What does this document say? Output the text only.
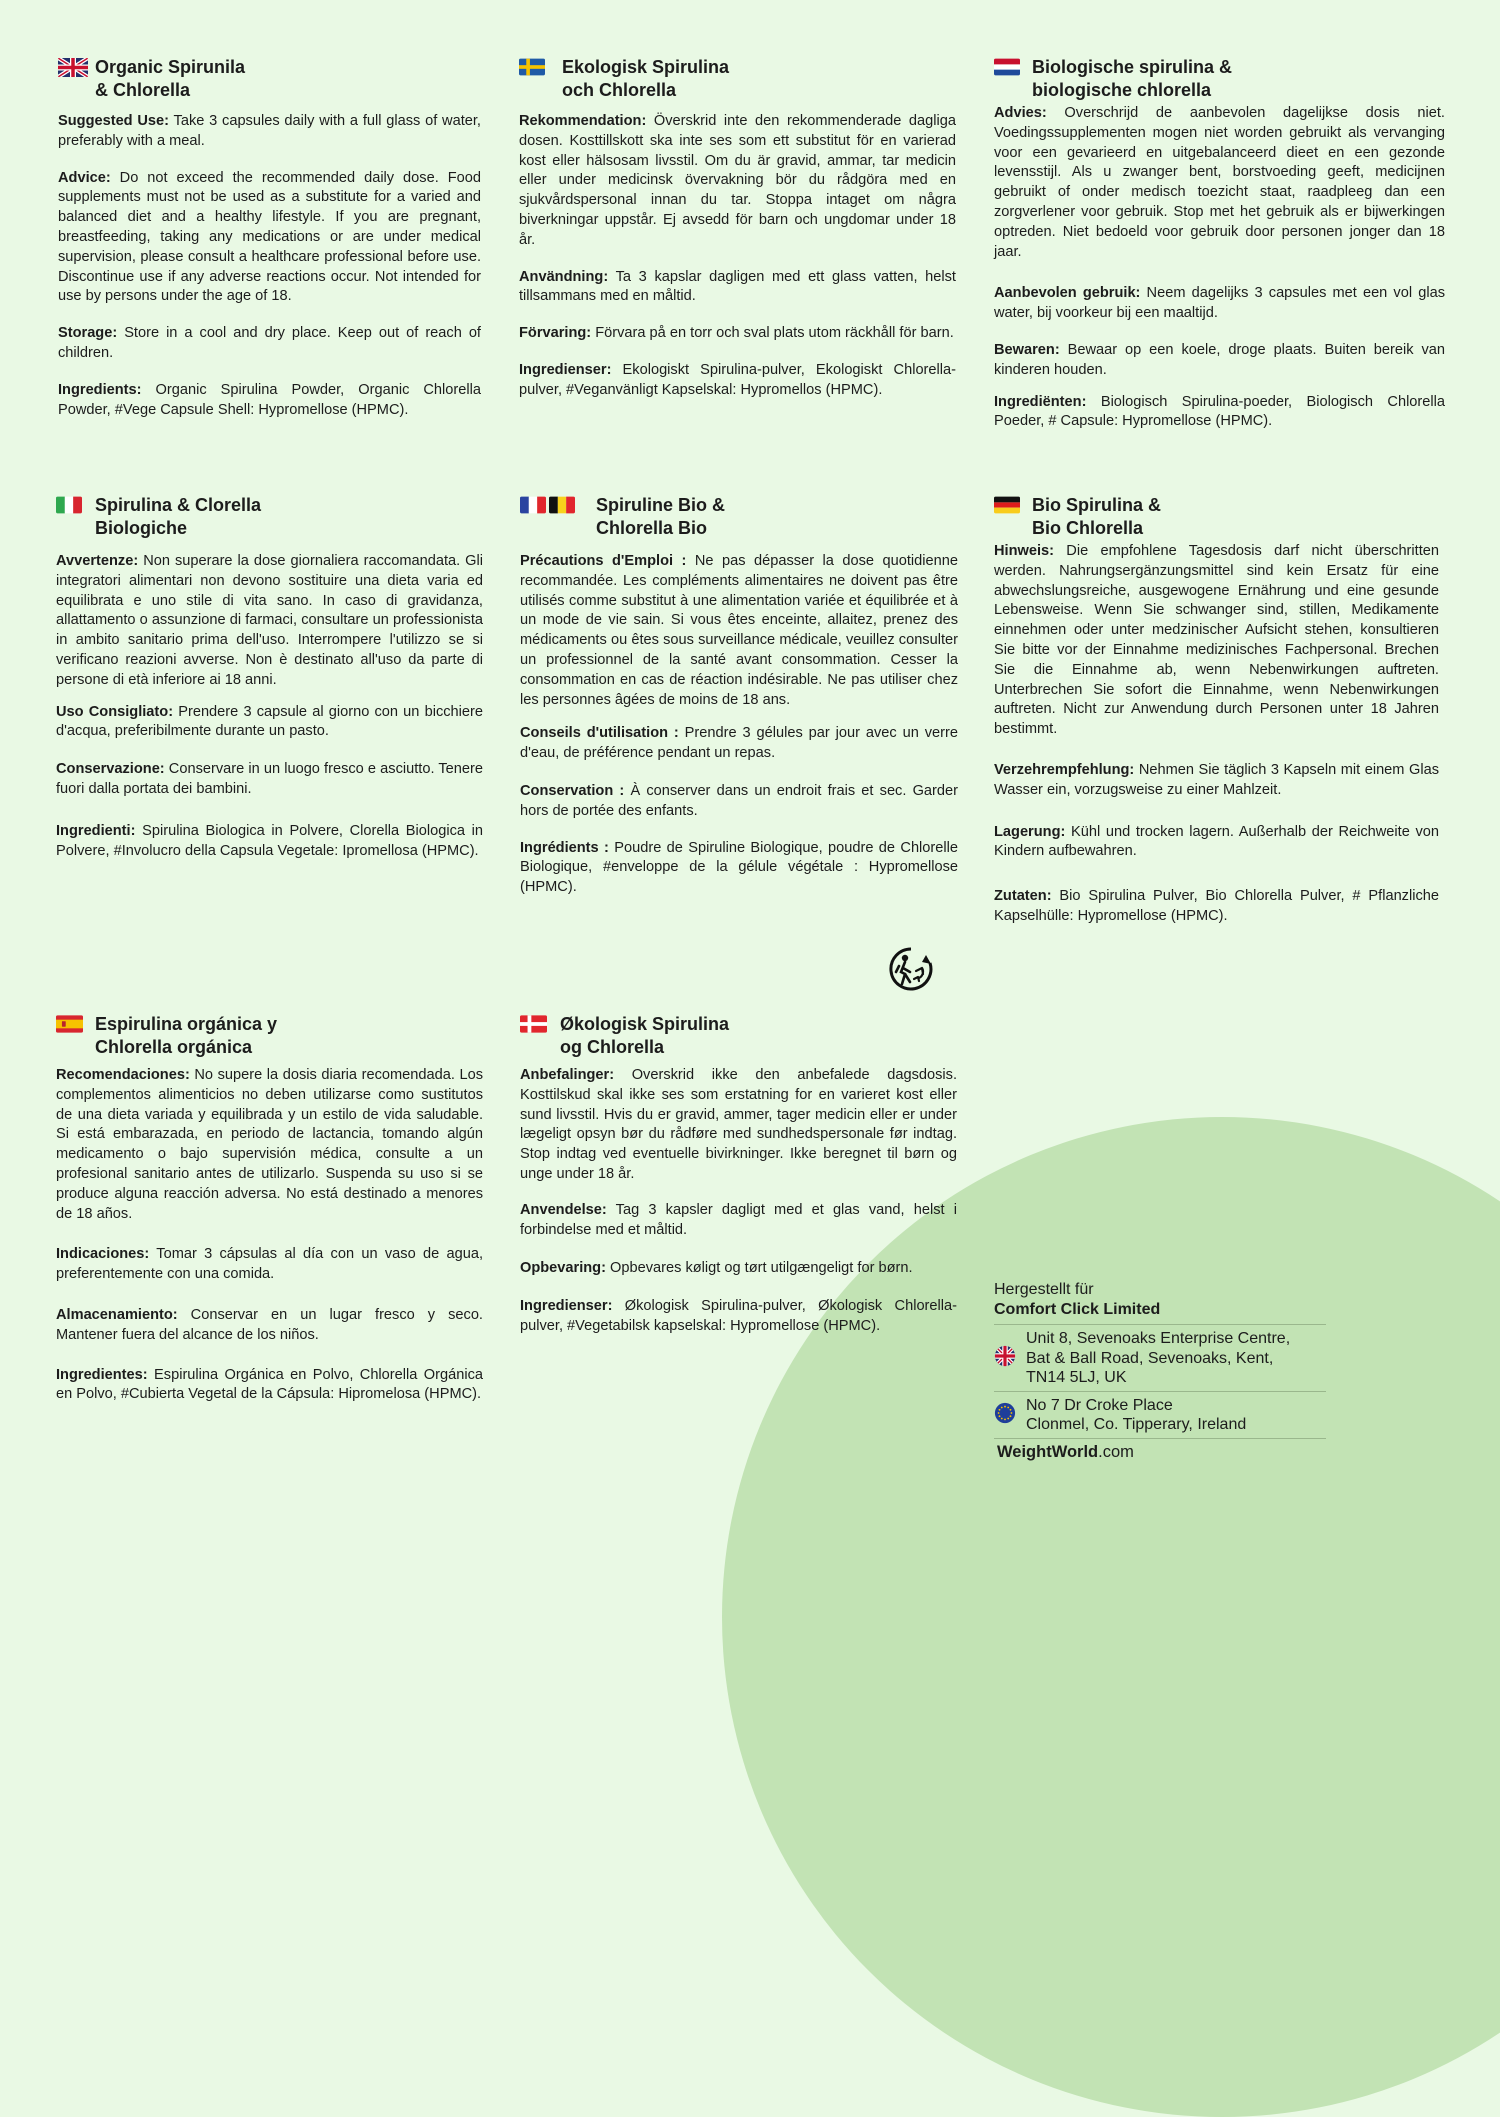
Organic Spirunila
& Chlorella

Suggested Use: Take 3 capsules daily with a full glass of water, preferably with a meal.

Advice: Do not exceed the recommended daily dose. Food supplements must not be used as a substitute for a varied and balanced diet and a healthy lifestyle. If you are pregnant, breastfeeding, taking any medications or are under medical supervision, please consult a healthcare professional before use. Discontinue use if any adverse reactions occur. Not intended for use by persons under the age of 18.

Storage: Store in a cool and dry place. Keep out of reach of children.

Ingredients: Organic Spirulina Powder, Organic Chlorella Powder, #Vege Capsule Shell: Hypromellose (HPMC).

Ekologisk Spirulina
och Chlorella

Rekommendation: Överskrid inte den rekommenderade dagliga dosen. Kosttillskott ska inte ses som ett substitut för en varierad kost eller hälsosam livsstil. Om du är gravid, ammar, tar medicin eller under medicinsk övervakning bör du rådgöra med en sjukvårdspersonal innan du tar. Stoppa intaget om några biverkningar uppstår. Ej avsedd för barn och ungdomar under 18 år.

Användning: Ta 3 kapslar dagligen med ett glass vatten, helst tillsammans med en måltid.

Förvaring: Förvara på en torr och sval plats utom räckhåll för barn.

Ingredienser: Ekologiskt Spirulina-pulver, Ekologiskt Chlorella-pulver, #Veganvänligt Kapselskal: Hypromellos (HPMC).

Biologische spirulina &
biologische chlorella

Advies: Overschrijd de aanbevolen dagelijkse dosis niet. Voedingssupplementen mogen niet worden gebruikt als vervanging voor een gevarieerd en uitgebalanceerd dieet en een gezonde levensstijl. Als u zwanger bent, borstvoeding geeft, medicijnen gebruikt of onder medisch toezicht staat, raadpleeg dan een zorgverlener voor gebruik. Stop met het gebruik als er bijwerkingen optreden. Niet bedoeld voor gebruik door personen jonger dan 18 jaar.

Aanbevolen gebruik: Neem dagelijks 3 capsules met een vol glas water, bij voorkeur bij een maaltijd.

Bewaren: Bewaar op een koele, droge plaats. Buiten bereik van kinderen houden.

Ingrediënten: Biologisch Spirulina-poeder, Biologisch Chlorella Poeder, # Capsule: Hypromellose (HPMC).

Spirulina & Clorella
Biologiche

Avvertenze: Non superare la dose giornaliera raccomandata. Gli integratori alimentari non devono sostituire una dieta varia ed equilibrata e uno stile di vita sano. In caso di gravidanza, allattamento o assunzione di farmaci, consultare un professionista in ambito sanitario prima dell'uso. Interrompere l'utilizzo se si verificano reazioni avverse. Non è destinato all'uso da parte di persone di età inferiore ai 18 anni.

Uso Consigliato: Prendere 3 capsule al giorno con un bicchiere d'acqua, preferibilmente durante un pasto.

Conservazione: Conservare in un luogo fresco e asciutto. Tenere fuori dalla portata dei bambini.

Ingredienti: Spirulina Biologica in Polvere, Clorella Biologica in Polvere, #Involucro della Capsula Vegetale: Ipromellosa (HPMC).

Spiruline Bio &
Chlorella Bio

Précautions d'Emploi : Ne pas dépasser la dose quotidienne recommandée. Les compléments alimentaires ne doivent pas être utilisés comme substitut à une alimentation variée et équilibrée et à un mode de vie sain. Si vous êtes enceinte, allaitez, prenez des médicaments ou êtes sous surveillance médicale, veuillez consulter un professionnel de la santé avant consommation. Cesser la consommation en cas de réaction indésirable. Ne pas utiliser chez les personnes âgées de moins de 18 ans.

Conseils d'utilisation : Prendre 3 gélules par jour avec un verre d'eau, de préférence pendant un repas.

Conservation : À conserver dans un endroit frais et sec. Garder hors de portée des enfants.

Ingrédients : Poudre de Spiruline Biologique, poudre de Chlorelle Biologique, #enveloppe de la gélule végétale : Hypromellose (HPMC).

Bio Spirulina &
Bio Chlorella

Hinweis: Die empfohlene Tagesdosis darf nicht überschritten werden. Nahrungsergänzungsmittel sind kein Ersatz für eine abwechslungsreiche, ausgewogene Ernährung und eine gesunde Lebensweise. Wenn Sie schwanger sind, stillen, Medikamente einnehmen oder unter medzinischer Aufsicht stehen, konsultieren Sie bitte vor der Einnahme medizinisches Fachpersonal. Brechen Sie die Einnahme ab, wenn Nebenwirkungen auftreten. Unterbrechen Sie sofort die Einnahme, wenn Nebenwirkungen auftreten. Nicht zur Anwendung durch Personen unter 18 Jahren bestimmt.

Verzehrempfehlung: Nehmen Sie täglich 3 Kapseln mit einem Glas Wasser ein, vorzugsweise zu einer Mahlzeit.

Lagerung: Kühl und trocken lagern. Außerhalb der Reichweite von Kindern aufbewahren.

Zutaten: Bio Spirulina Pulver, Bio Chlorella Pulver, # Pflanzliche Kapselhülle: Hypromellose (HPMC).

Espirulina orgánica y
Chlorella orgánica

Recomendaciones: No supere la dosis diaria recomendada. Los complementos alimenticios no deben utilizarse como sustitutos de una dieta variada y equilibrada y un estilo de vida saludable. Si está embarazada, en periodo de lactancia, tomando algún medicamento o bajo supervisión médica, consulte a un profesional sanitario antes de utilizarlo. Suspenda su uso si se produce alguna reacción adversa. No está destinado a menores de 18 años.

Indicaciones: Tomar 3 cápsulas al día con un vaso de agua, preferentemente con una comida.

Almacenamiento: Conservar en un lugar fresco y seco. Mantener fuera del alcance de los niños.

Ingredientes: Espirulina Orgánica en Polvo, Chlorella Orgánica en Polvo, #Cubierta Vegetal de la Cápsula: Hipromelosa (HPMC).

Økologisk Spirulina
og Chlorella

Anbefalinger: Overskrid ikke den anbefalede dagsdosis. Kosttilskud skal ikke ses som erstatning for en varieret kost eller sund livsstil. Hvis du er gravid, ammer, tager medicin eller er under lægeligt opsyn bør du rådføre med sundhedspersonale før indtag. Stop indtag ved eventuelle bivirkninger. Ikke beregnet til børn og unge under 18 år.

Anvendelse: Tag 3 kapsler dagligt med et glas vand, helst i forbindelse med et måltid.

Opbevaring: Opbevares køligt og tørt utilgængeligt for børn.

Ingredienser: Økologisk Spirulina-pulver, Økologisk Chlorella-pulver, #Vegetabilsk kapselskal: Hypromellose (HPMC).

Hergestellt für
Comfort Click Limited
Unit 8, Sevenoaks Enterprise Centre,
Bat & Ball Road, Sevenoaks, Kent,
TN14 5LJ, UK
No 7 Dr Croke Place
Clonmel, Co. Tipperary, Ireland
WeightWorld.com
